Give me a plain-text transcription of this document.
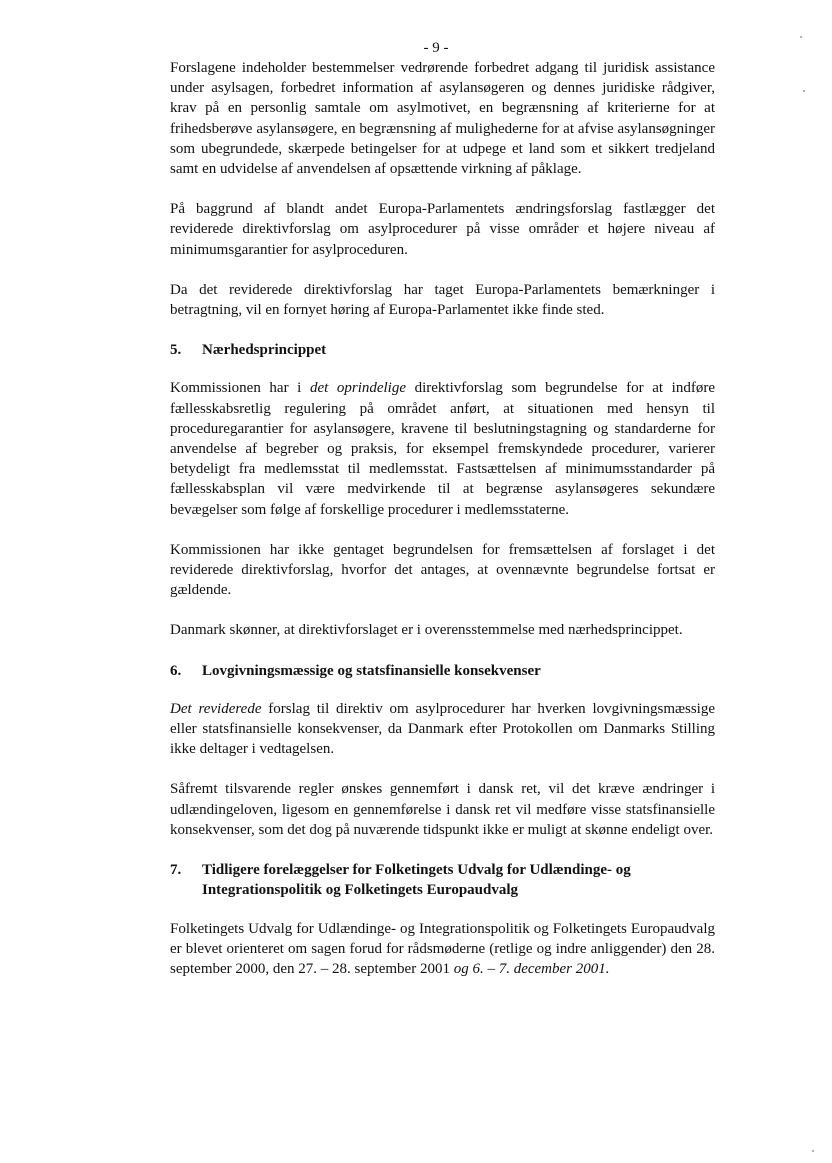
- 9 -

Forslagene indeholder bestemmelser vedrørende forbedret adgang til juridisk assistance under asylsagen, forbedret information af asylansøgeren og dennes juridiske rådgiver, krav på en personlig samtale om asylmotivet, en begrænsning af kriterierne for at frihedsberøve asylansøgere, en begrænsning af mulighederne for at afvise asylansøgninger som ubegrundede, skærpede betingelser for at udpege et land som et sikkert tredjeland samt en udvidelse af anvendelsen af opsættende virkning af påklage.

På baggrund af blandt andet Europa-Parlamentets ændringsforslag fastlægger det reviderede direktivforslag om asylprocedurer på visse områder et højere niveau af minimumsgarantier for asylproceduren.

Da det reviderede direktivforslag har taget Europa-Parlamentets bemærkninger i betragtning, vil en fornyet høring af Europa-Parlamentet ikke finde sted.

5.	Nærhedsprincippet

Kommissionen har i det oprindelige direktivforslag som begrundelse for at indføre fællesskabsretlig regulering på området anført, at situationen med hensyn til proceduregarantier for asylansøgere, kravene til beslutningstagning og standarderne for anvendelse af begreber og praksis, for eksempel fremskyndede procedurer, varierer betydeligt fra medlemsstat til medlemsstat. Fastsættelsen af minimumsstandarder på fællesskabsplan vil være medvirkende til at begrænse asylansøgeres sekundære bevægelser som følge af forskellige procedurer i medlemsstaterne.

Kommissionen har ikke gentaget begrundelsen for fremsættelsen af forslaget i det reviderede direktivforslag, hvorfor det antages, at ovennævnte begrundelse fortsat er gældende.

Danmark skønner, at direktivforslaget er i overensstemmelse med nærhedsprincippet.

6.	Lovgivningsmæssige og statsfinansielle konsekvenser

Det reviderede forslag til direktiv om asylprocedurer har hverken lovgivningsmæssige eller statsfinansielle konsekvenser, da Danmark efter Protokollen om Danmarks Stilling ikke deltager i vedtagelsen.

Såfremt tilsvarende regler ønskes gennemført i dansk ret, vil det kræve ændringer i udlændingeloven, ligesom en gennemførelse i dansk ret vil medføre visse statsfinansielle konsekvenser, som det dog på nuværende tidspunkt ikke er muligt at skønne endeligt over.

7.	Tidligere forelæggelser for Folketingets Udvalg for Udlændinge- og Integrationspolitik og Folketingets Europaudvalg

Folketingets Udvalg for Udlændinge- og Integrationspolitik og Folketingets Europaudvalg er blevet orienteret om sagen forud for rådsmøderne (retlige og indre anliggender) den 28. september 2000, den 27. – 28. september 2001 og 6. – 7. december 2001.
